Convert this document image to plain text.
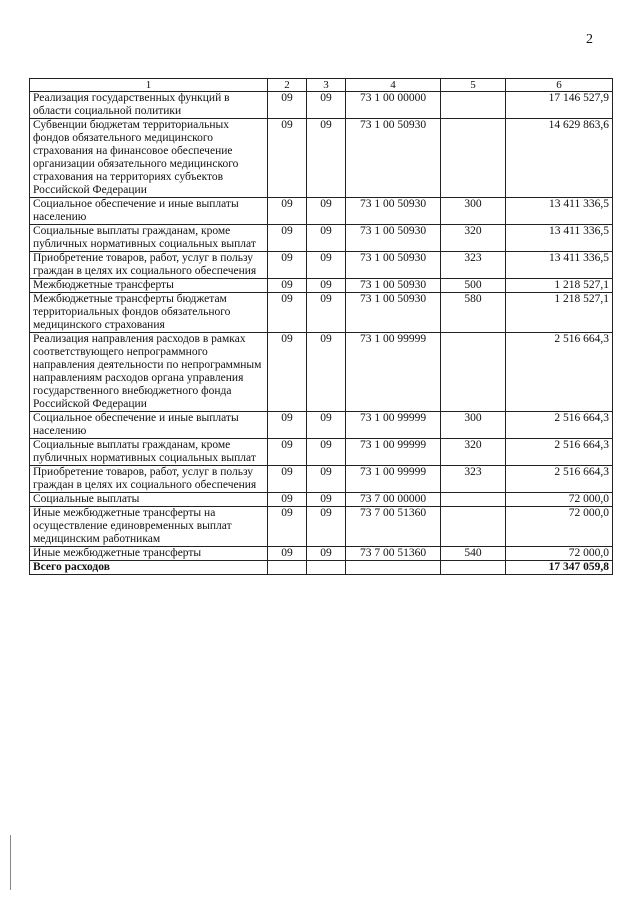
2
1	2	3	4	5	6
Реализация государственных функций в области социальной политики	09	09	73 1 00 00000		17 146 527,9
Субвенции бюджетам территориальных фондов обязательного медицинского страхования на финансовое обеспечение организации обязательного медицинского страхования на территориях субъектов Российской Федерации	09	09	73 1 00 50930		14 629 863,6
Социальное обеспечение и иные выплаты населению	09	09	73 1 00 50930	300	13 411 336,5
Социальные выплаты гражданам, кроме публичных нормативных социальных выплат	09	09	73 1 00 50930	320	13 411 336,5
Приобретение товаров, работ, услуг в пользу граждан в целях их социального обеспечения	09	09	73 1 00 50930	323	13 411 336,5
Межбюджетные трансферты	09	09	73 1 00 50930	500	1 218 527,1
Межбюджетные трансферты бюджетам территориальных фондов обязательного медицинского страхования	09	09	73 1 00 50930	580	1 218 527,1
Реализация направления расходов в рамках соответствующего непрограммного направления деятельности по непрограммным направлениям расходов органа управления государственного внебюджетного фонда Российской Федерации	09	09	73 1 00 99999		2 516 664,3
Социальное обеспечение и иные выплаты населению	09	09	73 1 00 99999	300	2 516 664,3
Социальные выплаты гражданам, кроме публичных нормативных социальных выплат	09	09	73 1 00 99999	320	2 516 664,3
Приобретение товаров, работ, услуг в пользу граждан в целях их социального обеспечения	09	09	73 1 00 99999	323	2 516 664,3
Социальные выплаты	09	09	73 7 00 00000		72 000,0
Иные межбюджетные трансферты на осуществление единовременных выплат медицинским работникам	09	09	73 7 00 51360		72 000,0
Иные межбюджетные трансферты	09	09	73 7 00 51360	540	72 000,0
Всего расходов					17 347 059,8
